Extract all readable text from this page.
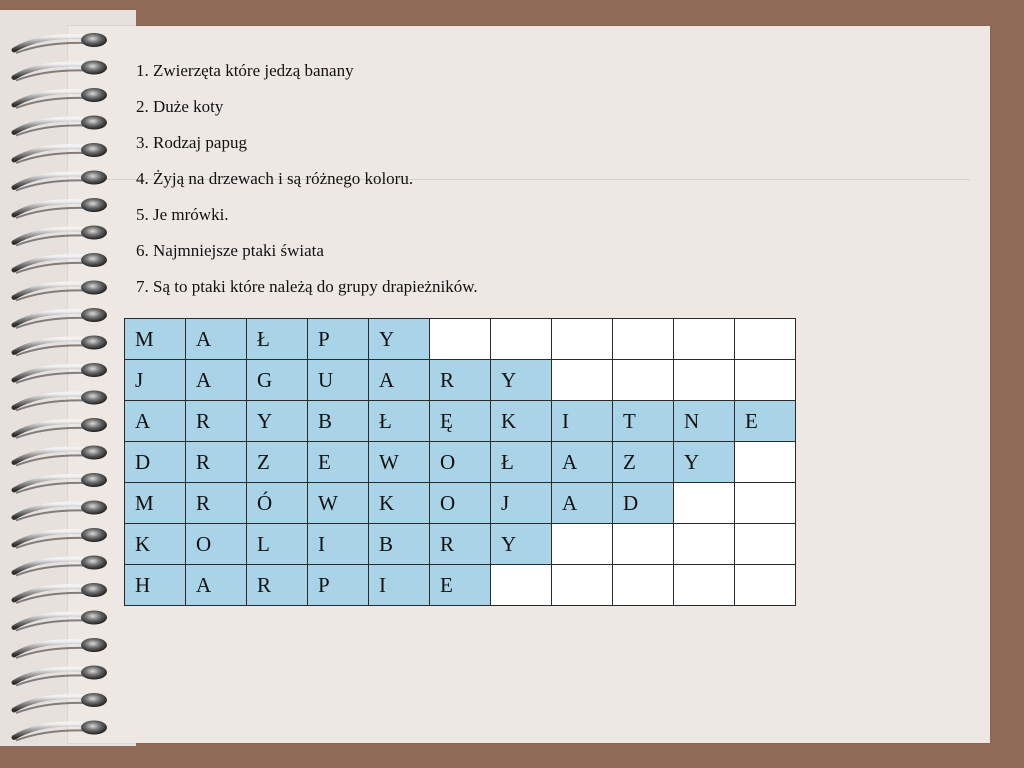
1. Zwierzęta które jedzą banany
2. Duże koty
3. Rodzaj papug
4. Żyją na drzewach i są różnego koloru.
5. Je mrówki.
6. Najmniejsze ptaki świata
7. Są to ptaki które należą do grupy drapieżników.
M	A	Ł	P	Y						
J	A	G	U	A	R	Y				
A	R	Y	B	Ł	Ę	K	I	T	N	E
D	R	Z	E	W	O	Ł	A	Z	Y	
M	R	Ó	W	K	O	J	A	D		
K	O	L	I	B	R	Y				
H	A	R	P	I	E					
